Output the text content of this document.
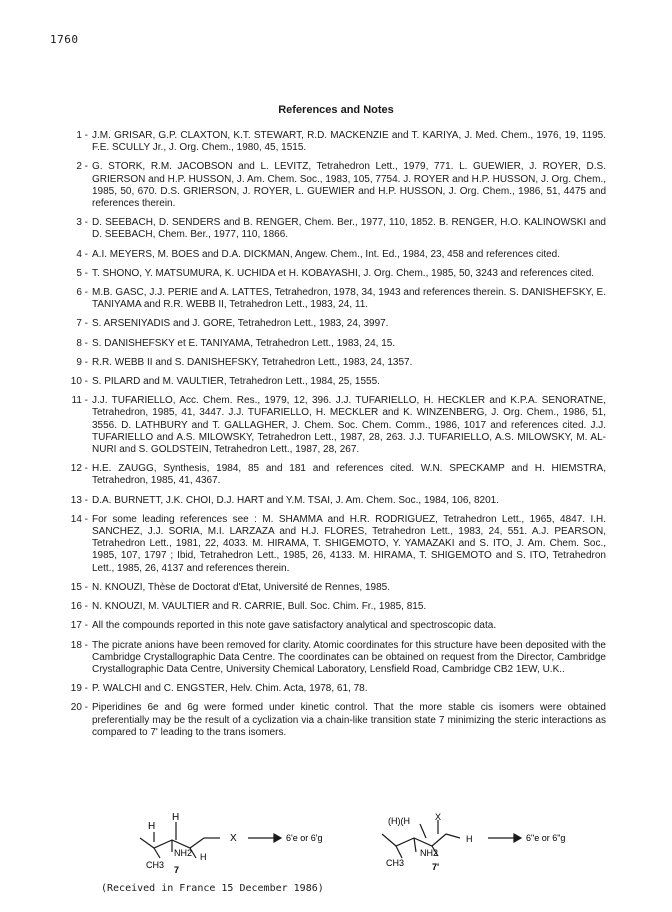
1760
References and Notes
1 - J.M. GRISAR, G.P. CLAXTON, K.T. STEWART, R.D. MACKENZIE and T. KARIYA, J. Med. Chem., 1976, 19, 1195. F.E. SCULLY Jr., J. Org. Chem., 1980, 45, 1515.
2 - G. STORK, R.M. JACOBSON and L. LEVITZ, Tetrahedron Lett., 1979, 771. L. GUEWIER, J. ROYER, D.S. GRIERSON and H.P. HUSSON, J. Am. Chem. Soc., 1983, 105, 7754. J. ROYER and H.P. HUSSON, J. Org. Chem., 1985, 50, 670. D.S. GRIERSON, J. ROYER, L. GUEWIER and H.P. HUSSON, J. Org. Chem., 1986, 51, 4475 and references therein.
3 - D. SEEBACH, D. SENDERS and B. RENGER, Chem. Ber., 1977, 110, 1852. B. RENGER, H.O. KALINOWSKI and D. SEEBACH, Chem. Ber., 1977, 110, 1866.
4 - A.I. MEYERS, M. BOES and D.A. DICKMAN, Angew. Chem., Int. Ed., 1984, 23, 458 and references cited.
5 - T. SHONO, Y. MATSUMURA, K. UCHIDA et H. KOBAYASHI, J. Org. Chem., 1985, 50, 3243 and references cited.
6 - M.B. GASC, J.J. PERIE and A. LATTES, Tetrahedron, 1978, 34, 1943 and references therein. S. DANISHEFSKY, E. TANIYAMA and R.R. WEBB II, Tetrahedron Lett., 1983, 24, 11.
7 - S. ARSENIYADIS and J. GORE, Tetrahedron Lett., 1983, 24, 3997.
8 - S. DANISHEFSKY et E. TANIYAMA, Tetrahedron Lett., 1983, 24, 15.
9 - R.R. WEBB II and S. DANISHEFSKY, Tetrahedron Lett., 1983, 24, 1357.
10 - S. PILARD and M. VAULTIER, Tetrahedron Lett., 1984, 25, 1555.
11 - J.J. TUFARIELLO, Acc. Chem. Res., 1979, 12, 396. J.J. TUFARIELLO, H. HECKLER and K.P.A. SENORATNE, Tetrahedron, 1985, 41, 3447. J.J. TUFARIELLO, H. MECKLER and K. WINZENBERG, J. Org. Chem., 1986, 51, 3556. D. LATHBURY and T. GALLAGHER, J. Chem. Soc. Chem. Comm., 1986, 1017 and references cited. J.J. TUFARIELLO and A.S. MILOWSKY, Tetrahedron Lett., 1987, 28, 263. J.J. TUFARIELLO, A.S. MILOWSKY, M. AL-NURI and S. GOLDSTEIN, Tetrahedron Lett., 1987, 28, 267.
12 - H.E. ZAUGG, Synthesis, 1984, 85 and 181 and references cited. W.N. SPECKAMP and H. HIEMSTRA, Tetrahedron, 1985, 41, 4367.
13 - D.A. BURNETT, J.K. CHOI, D.J. HART and Y.M. TSAI, J. Am. Chem. Soc., 1984, 106, 8201.
14 - For some leading references see : M. SHAMMA and H.R. RODRIGUEZ, Tetrahedron Lett., 1965, 4847. I.H. SANCHEZ, J.J. SORIA, M.I. LARZAZA and H.J. FLORES, Tetrahedron Lett., 1983, 24, 551. A.J. PEARSON, Tetrahedron Lett., 1981, 22, 4033. M. HIRAMA, T. SHIGEMOTO, Y. YAMAZAKI and S. ITO, J. Am. Chem. Soc., 1985, 107, 1797 ; Ibid, Tetrahedron Lett., 1985, 26, 4133. M. HIRAMA, T. SHIGEMOTO and S. ITO, Tetrahedron Lett., 1985, 26, 4137 and references therein.
15 - N. KNOUZI, Thèse de Doctorat d'Etat, Université de Rennes, 1985.
16 - N. KNOUZI, M. VAULTIER and R. CARRIE, Bull. Soc. Chim. Fr., 1985, 815.
17 - All the compounds reported in this note gave satisfactory analytical and spectroscopic data.
18 - The picrate anions have been removed for clarity. Atomic coordinates for this structure have been deposited with the Cambridge Crystallographic Data Centre. The coordinates can be obtained on request from the Director, Cambridge Crystallographic Data Centre, University Chemical Laboratory, Lensfield Road, Cambridge CB2 1EW, U.K..
19 - P. WALCHI and C. ENGSTER, Helv. Chim. Acta, 1978, 61, 78.
20 - Piperidines 6e and 6g were formed under kinetic control. That the more stable cis isomers were obtained preferentially may be the result of a cyclization via a chain-like transition state 7 minimizing the steric interactions as compared to 7' leading to the trans isomers.
H
H
X
CH3
NH2 H
7
6'e or 6'g
(H)(H	X
H
CH3
NH2
7'
6"e or 6"g
(Received in France 15 December 1986)
